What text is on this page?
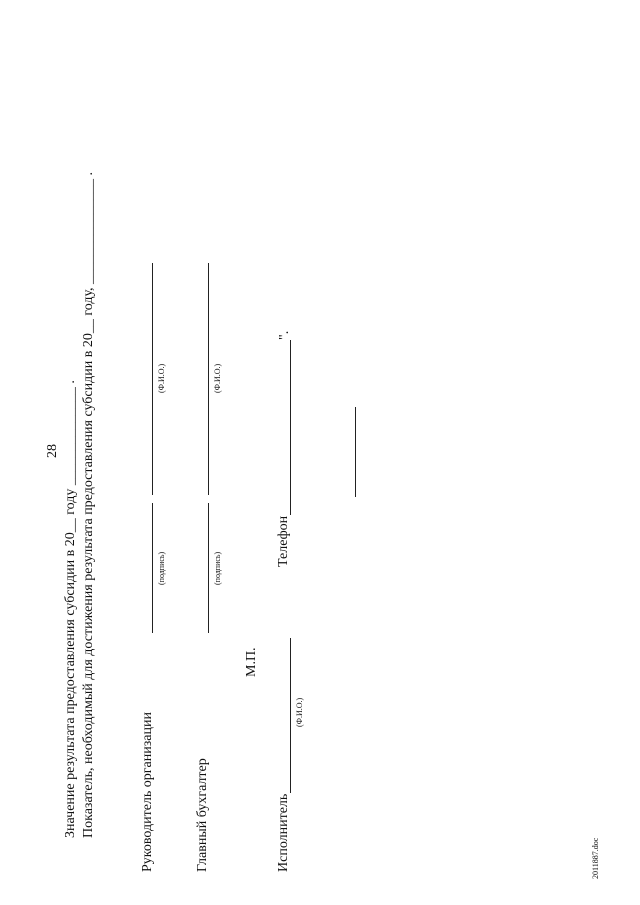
28 Значение результата предоставления субсидии в 20__ году ______________ . Показатель, необходимый для достижения результата предоставления субсидии в 20__ году, _______________ .	Руководитель организации
(подпись)
(Ф.И.О.)
Главный бухгалтер
(подпись)
(Ф.И.О.)
М.П.
Исполнитель
(Ф.И.О.)
Телефон
".
2011887.doc
